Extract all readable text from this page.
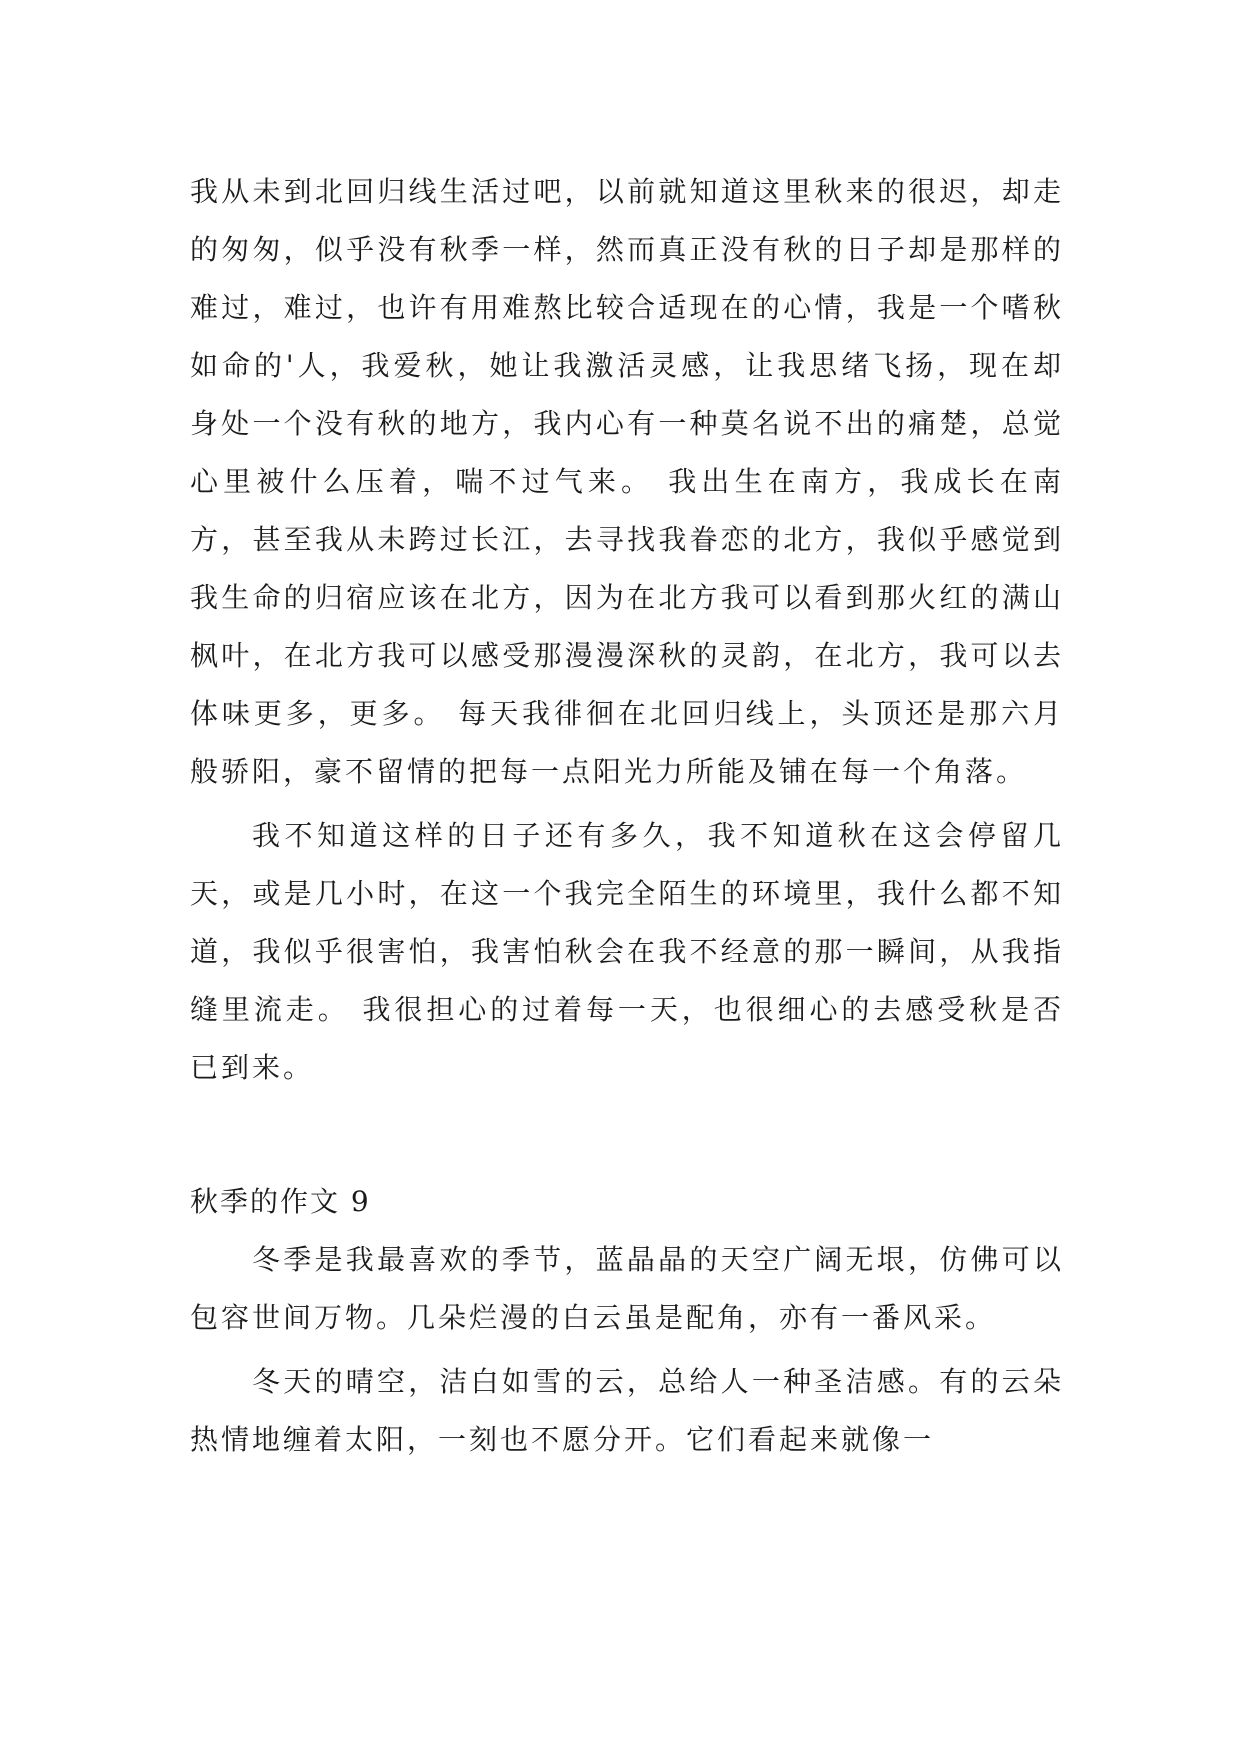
我从未到北回归线生活过吧，以前就知道这里秋来的很迟，却走的匆匆，似乎没有秋季一样，然而真正没有秋的日子却是那样的难过，难过，也许有用难熬比较合适现在的心情，我是一个嗜秋如命的'人，我爱秋，她让我激活灵感，让我思绪飞扬，现在却身处一个没有秋的地方，我内心有一种莫名说不出的痛楚，总觉心里被什么压着，喘不过气来。 我出生在南方，我成长在南方，甚至我从未跨过长江，去寻找我眷恋的北方，我似乎感觉到我生命的归宿应该在北方，因为在北方我可以看到那火红的满山枫叶，在北方我可以感受那漫漫深秋的灵韵，在北方，我可以去体味更多，更多。 每天我徘徊在北回归线上，头顶还是那六月般骄阳，豪不留情的把每一点阳光力所能及铺在每一个角落。

我不知道这样的日子还有多久，我不知道秋在这会停留几天，或是几小时，在这一个我完全陌生的环境里，我什么都不知道，我似乎很害怕，我害怕秋会在我不经意的那一瞬间，从我指缝里流走。 我很担心的过着每一天，也很细心的去感受秋是否已到来。

秋季的作文 9

冬季是我最喜欢的季节，蓝晶晶的天空广阔无垠，仿佛可以包容世间万物。几朵烂漫的白云虽是配角，亦有一番风采。

冬天的晴空，洁白如雪的云，总给人一种圣洁感。有的云朵热情地缠着太阳，一刻也不愿分开。它们看起来就像一
